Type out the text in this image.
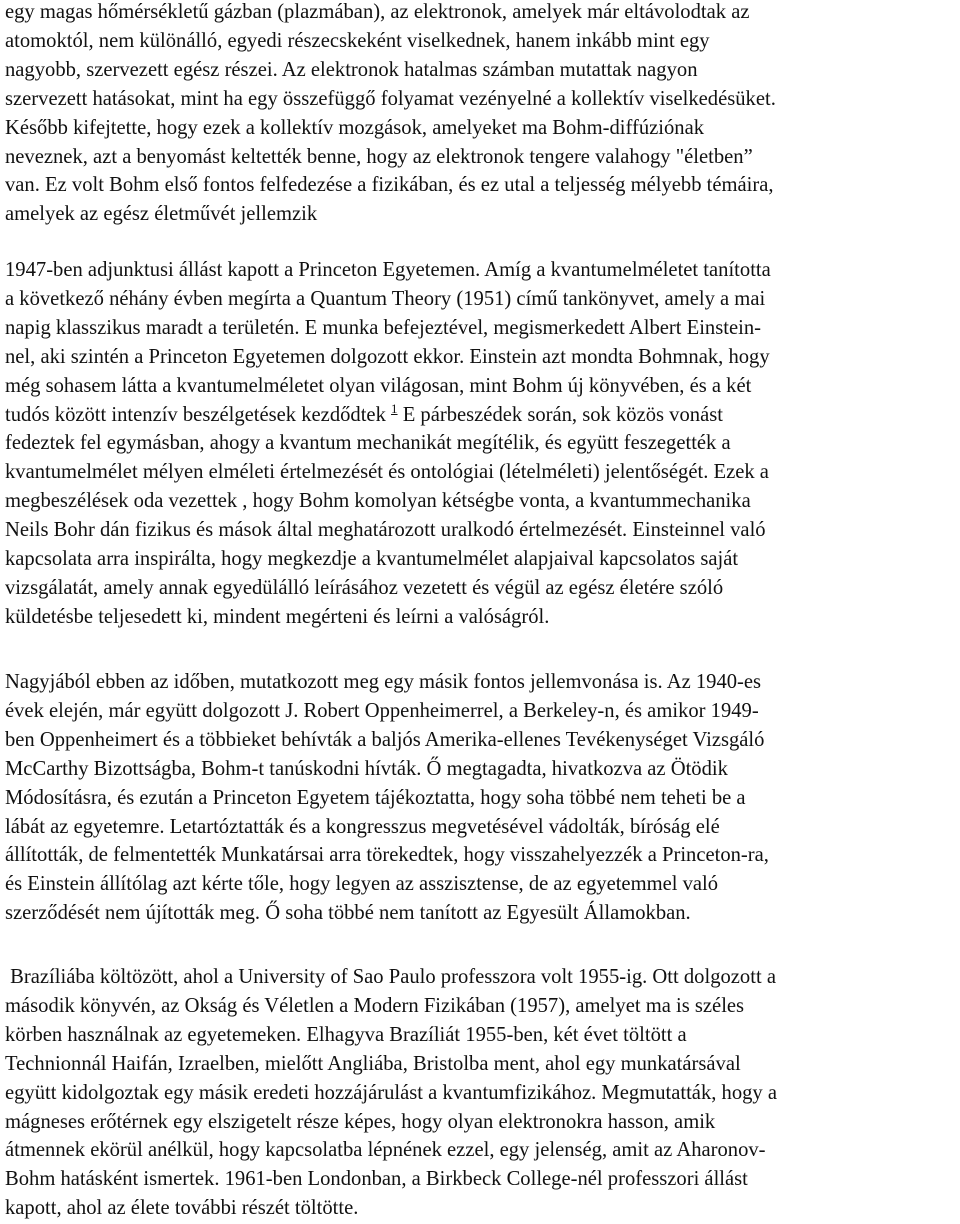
egy magas hőmérsékletű gázban (plazmában), az elektronok, amelyek már eltávolodtak az
atomoktól, nem különálló, egyedi részecskeként viselkednek, hanem inkább mint egy
nagyobb, szervezett egész részei. Az elektronok hatalmas számban mutattak nagyon
szervezett hatásokat, mint ha egy összefüggő folyamat vezényelné a kollektív viselkedésüket.
Később kifejtette, hogy ezek a kollektív mozgások, amelyeket ma Bohm-diffúziónak
neveznek, azt a benyomást keltették benne, hogy az elektronok tengere valahogy "életben”
van. Ez volt Bohm első fontos felfedezése a fizikában, és ez utal a teljesség mélyebb témáira,
amelyek az egész életművét jellemzik

1947-ben adjunktusi állást kapott a Princeton Egyetemen. Amíg a kvantumelméletet tanította
a következő néhány évben megírta a Quantum Theory (1951) című tankönyvet, amely a mai
napig klasszikus maradt a területén. E munka befejeztével, megismerkedett Albert Einstein-
nel, aki szintén a Princeton Egyetemen dolgozott ekkor. Einstein azt mondta Bohmnak, hogy
még sohasem látta a kvantumelméletet olyan világosan, mint Bohm új könyvében, és a két
tudós között intenzív beszélgetések kezdődtek $^1$ E párbeszédek során, sok közös vonást
fedeztek fel egymásban, ahogy a kvantum mechanikát megítélik, és együtt feszegették a
kvantumelmélet mélyen elméleti értelmezését és ontológiai (lételméleti) jelentőségét. Ezek a
megbeszélések oda vezettek , hogy Bohm komolyan kétségbe vonta, a kvantummechanika
Neils Bohr dán fizikus és mások által meghatározott uralkodó értelmezését. Einsteinnel való
kapcsolata arra inspirálta, hogy megkezdje a kvantumelmélet alapjaival kapcsolatos saját
vizsgálatát, amely annak egyedülálló leírásához vezetett és végül az egész életére szóló
küldetésbe teljesedett ki, mindent megérteni és leírni a valóságról.

Nagyjából ebben az időben, mutatkozott meg egy másik fontos jellemvonása is. Az 1940-es
évek elején, már együtt dolgozott J. Robert Oppenheimerrel, a Berkeley-n, és amikor 1949-
ben Oppenheimert és a többieket behívták a baljós Amerika-ellenes Tevékenységet Vizsgáló
McCarthy Bizottságba, Bohm-t tanúskodni hívták. Ő megtagadta, hivatkozva az Ötödik
Módosításra, és ezután a Princeton Egyetem tájékoztatta, hogy soha többé nem teheti be a
lábát az egyetemre. Letartóztatták és a kongresszus megvetésével vádolták, bíróság elé
állították, de felmentették Munkatársai arra törekedtek, hogy visszahelyezzék a Princeton-ra,
és Einstein állítólag azt kérte tőle, hogy legyen az asszisztense, de az egyetemmel való
szerződését nem újították meg. Ő soha többé nem tanított az Egyesült Államokban.

Brazíliába költözött, ahol a University of Sao Paulo professzora volt 1955-ig. Ott dolgozott a
második könyvén, az Okság és Véletlen a Modern Fizikában (1957), amelyet ma is széles
körben használnak az egyetemeken. Elhagyva Brazíliát 1955-ben, két évet töltött a
Technionnál Haifán, Izraelben, mielőtt Angliába, Bristolba ment, ahol egy munkatársával
együtt kidolgoztak egy másik eredeti hozzájárulást a kvantumfizikához. Megmutatták, hogy a
mágneses erőtérnek egy elszigetelt része képes, hogy olyan elektronokra hasson, amik
átmennek ekörül anélkül, hogy kapcsolatba lépnének ezzel, egy jelenség, amit az Aharonov-
Bohm hatásként ismertek. 1961-ben Londonban, a Birkbeck College-nél professzori állást
kapott, ahol az élete további részét töltötte.
